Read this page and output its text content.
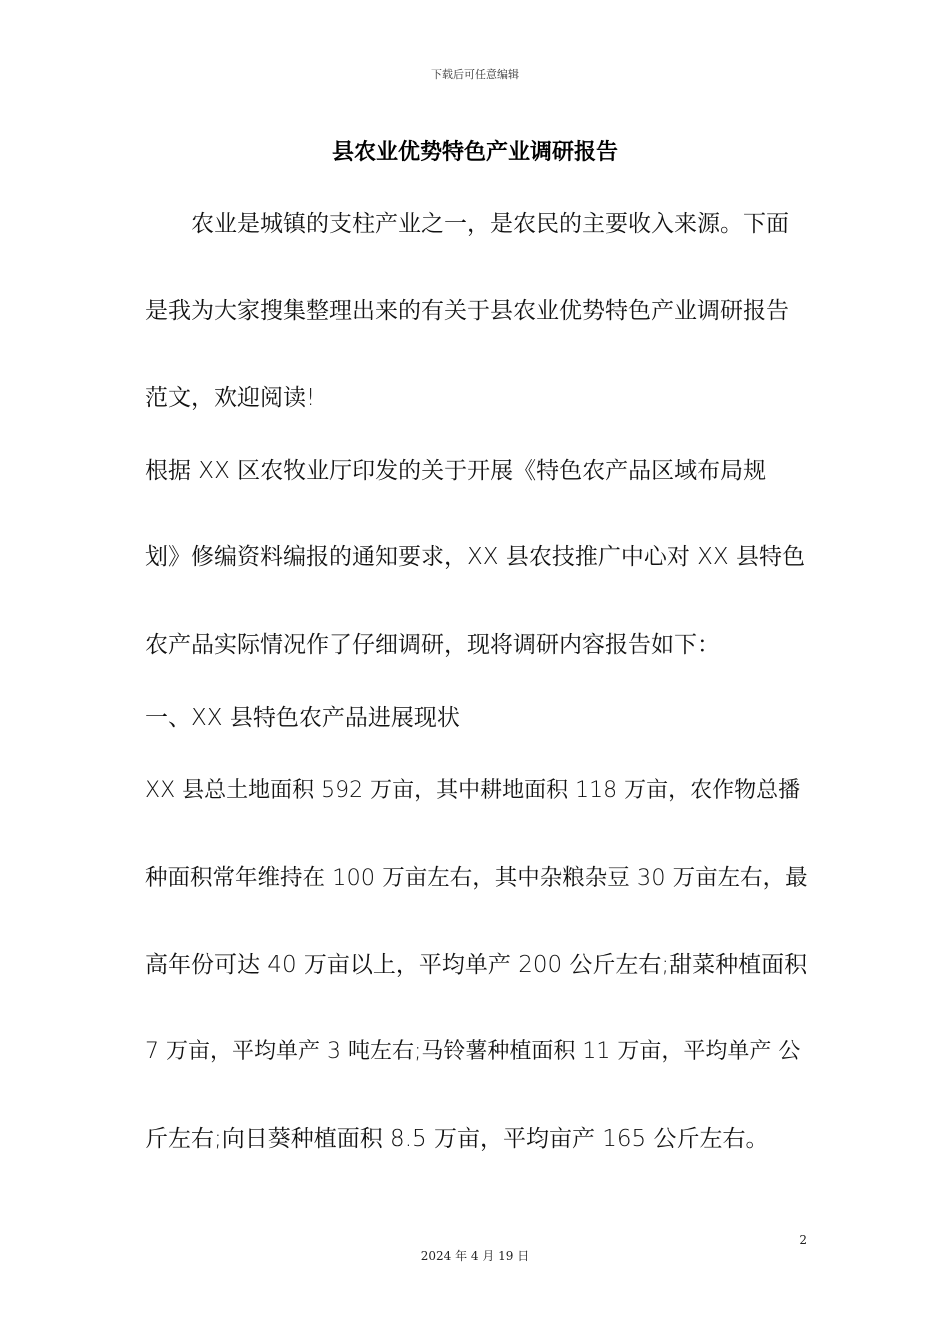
下载后可任意编辑
县农业优势特色产业调研报告
　　农业是城镇的支柱产业之一，是农民的主要收入来源。下面
是我为大家搜集整理出来的有关于县农业优势特色产业调研报告
范文，欢迎阅读!
根据 XX 区农牧业厅印发的关于开展《特色农产品区域布局规
划》修编资料编报的通知要求，XX 县农技推广中心对 XX 县特色
农产品实际情况作了仔细调研，现将调研内容报告如下：
一、XX 县特色农产品进展现状
XX 县总土地面积 592 万亩，其中耕地面积 118 万亩，农作物总播
种面积常年维持在 100 万亩左右，其中杂粮杂豆 30 万亩左右，最
高年份可达 40 万亩以上，平均单产 200 公斤左右;甜菜种植面积
7 万亩，平均单产 3 吨左右;马铃薯种植面积 11 万亩，平均单产 公
斤左右;向日葵种植面积 8.5 万亩，平均亩产 165 公斤左右。
2
2024 年 4 月 19 日
